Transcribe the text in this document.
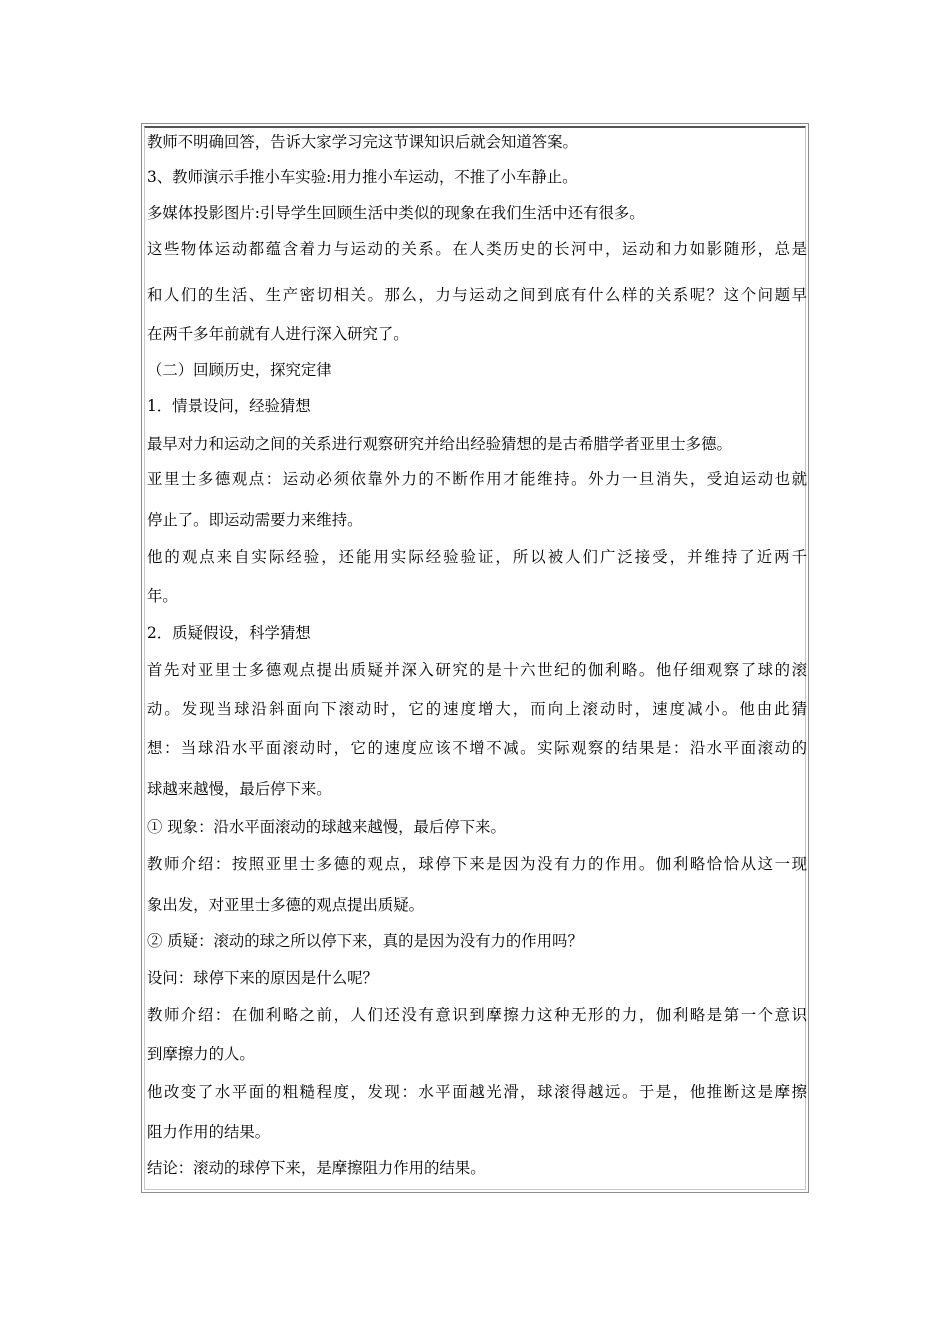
教师不明确回答，告诉大家学习完这节课知识后就会知道答案。
3、教师演示手推小车实验:用力推小车运动，不推了小车静止。
多媒体投影图片:引导学生回顾生活中类似的现象在我们生活中还有很多。
这些物体运动都蕴含着力与运动的关系。在人类历史的长河中，运动和力如影随形，总是
和人们的生活、生产密切相关。那么，力与运动之间到底有什么样的关系呢？这个问题早
在两千多年前就有人进行深入研究了。
（二）回顾历史，探究定律
1．情景设问，经验猜想
最早对力和运动之间的关系进行观察研究并给出经验猜想的是古希腊学者亚里士多德。
亚里士多德观点：运动必须依靠外力的不断作用才能维持。外力一旦消失，受迫运动也就
停止了。即运动需要力来维持。
他的观点来自实际经验，还能用实际经验验证，所以被人们广泛接受，并维持了近两千
年。
2．质疑假设，科学猜想
首先对亚里士多德观点提出质疑并深入研究的是十六世纪的伽利略。他仔细观察了球的滚
动。发现当球沿斜面向下滚动时，它的速度增大，而向上滚动时，速度减小。他由此猜
想：当球沿水平面滚动时，它的速度应该不增不减。实际观察的结果是：沿水平面滚动的
球越来越慢，最后停下来。
① 现象：沿水平面滚动的球越来越慢，最后停下来。
教师介绍：按照亚里士多德的观点，球停下来是因为没有力的作用。伽利略恰恰从这一现
象出发，对亚里士多德的观点提出质疑。
② 质疑：滚动的球之所以停下来，真的是因为没有力的作用吗？
设问：球停下来的原因是什么呢？
教师介绍：在伽利略之前，人们还没有意识到摩擦力这种无形的力，伽利略是第一个意识
到摩擦力的人。
他改变了水平面的粗糙程度，发现：水平面越光滑，球滚得越远。于是，他推断这是摩擦
阻力作用的结果。
结论：滚动的球停下来，是摩擦阻力作用的结果。
